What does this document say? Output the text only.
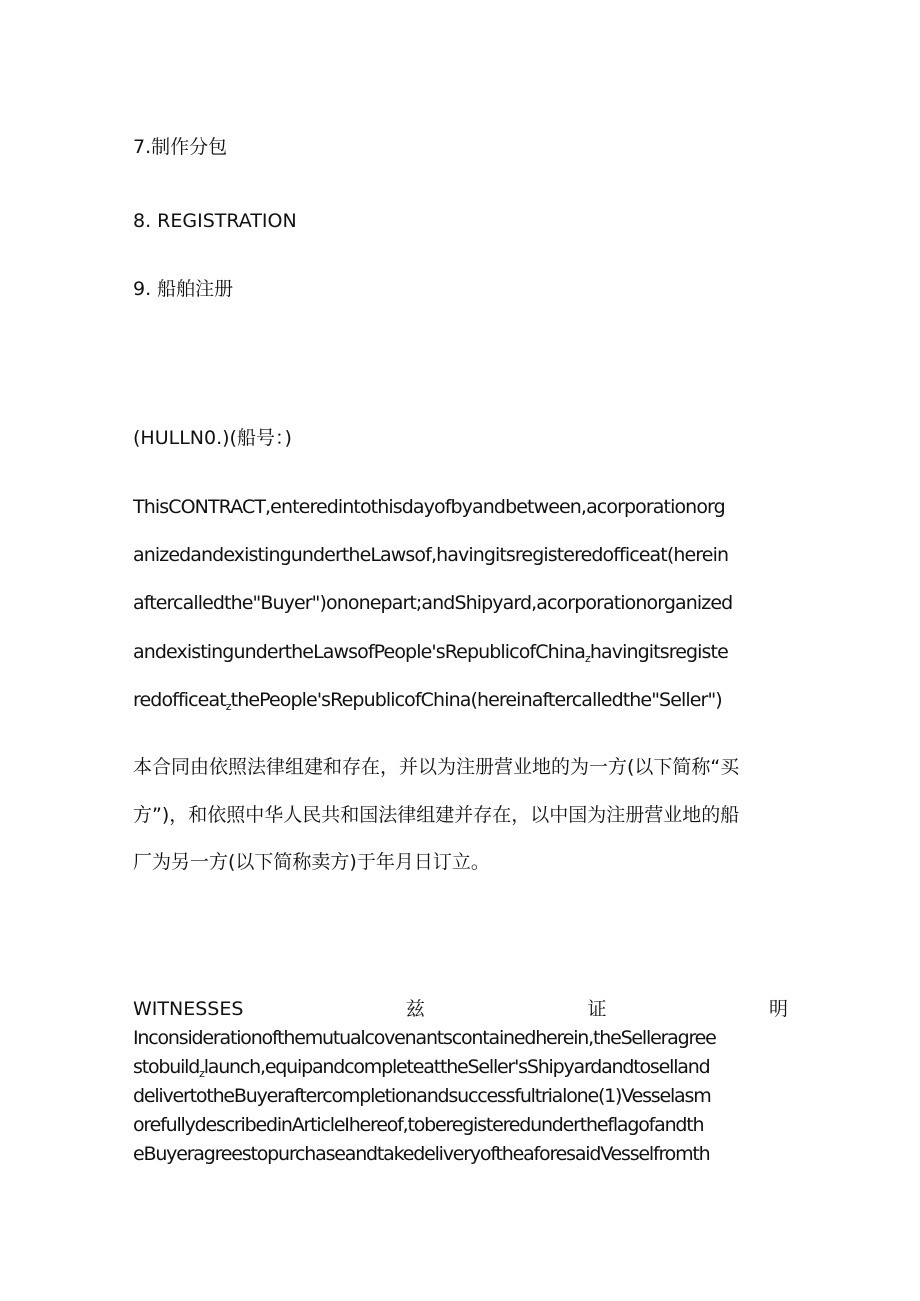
7.制作分包
8. REGISTRATION
9. 船舶注册
(HULLN0.)(船号：)
ThisCONTRACT,enteredintothisdayofbyandbetween,acorporationorg
anizedandexistingundertheLawsof,havingitsregisteredofficeat(herein
aftercalledthe"Buyer")ononepart;andShipyard,acorporationorganized
andexistingundertheLawsofPeople'sRepublicofChina$_z$havingitsregiste
redofficeat$_z$thePeople'sRepublicofChina(hereinaftercalledthe"Seller")
本合同由依照法律组建和存在，并以为注册营业地的为一方(以下简称“买
方”)，和依照中华人民共和国法律组建并存在，以中国为注册营业地的船
厂为另一方(以下简称卖方)于年月日订立。
WITNESSES	兹	证	明
Inconsiderationofthemutualcovenantscontainedherein,theSelleragree
stobuild$_z$launch,equipandcompleteattheSeller'sShipyardandtoselland
delivertotheBuyeraftercompletionandsuccessfultrialone(1)Vesselasm
orefullydescribedinArticleIhereof,toberegisteredundertheflagofandth
eBuyeragreestopurchaseandtakedeliveryoftheaforesaidVesselfromth
